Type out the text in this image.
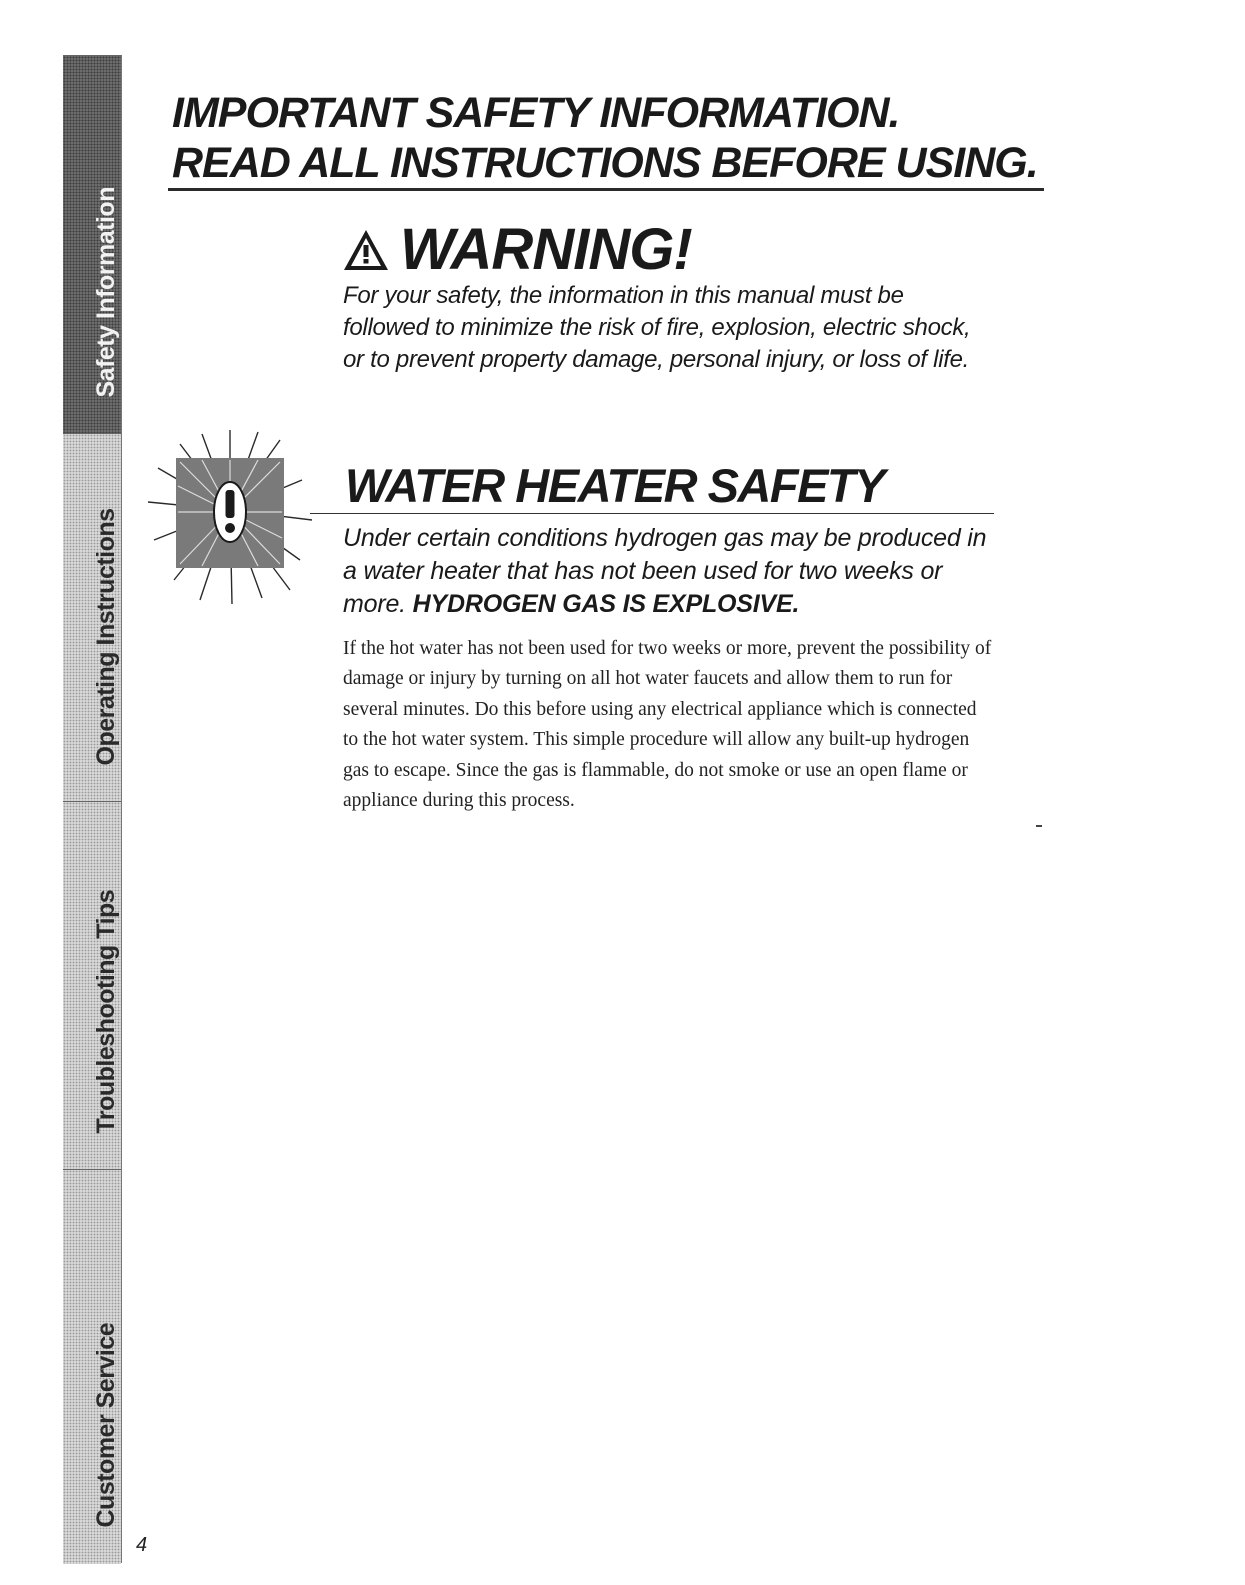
Safety Information
Operating Instructions
Troubleshooting Tips
Customer Service
IMPORTANT SAFETY INFORMATION.
READ ALL INSTRUCTIONS BEFORE USING.
WARNING!

For your safety, the information in this manual must be followed to minimize the risk of fire, explosion, electric shock, or to prevent property damage, personal injury, or loss of life.

WATER HEATER SAFETY

Under certain conditions hydrogen gas may be produced in a water heater that has not been used for two weeks or more. HYDROGEN GAS IS EXPLOSIVE.

If the hot water has not been used for two weeks or more, prevent the possibility of damage or injury by turning on all hot water faucets and allow them to run for several minutes. Do this before using any electrical appliance which is connected to the hot water system. This simple procedure will allow any built-up hydrogen gas to escape. Since the gas is flammable, do not smoke or use an open flame or appliance during this process.

4
